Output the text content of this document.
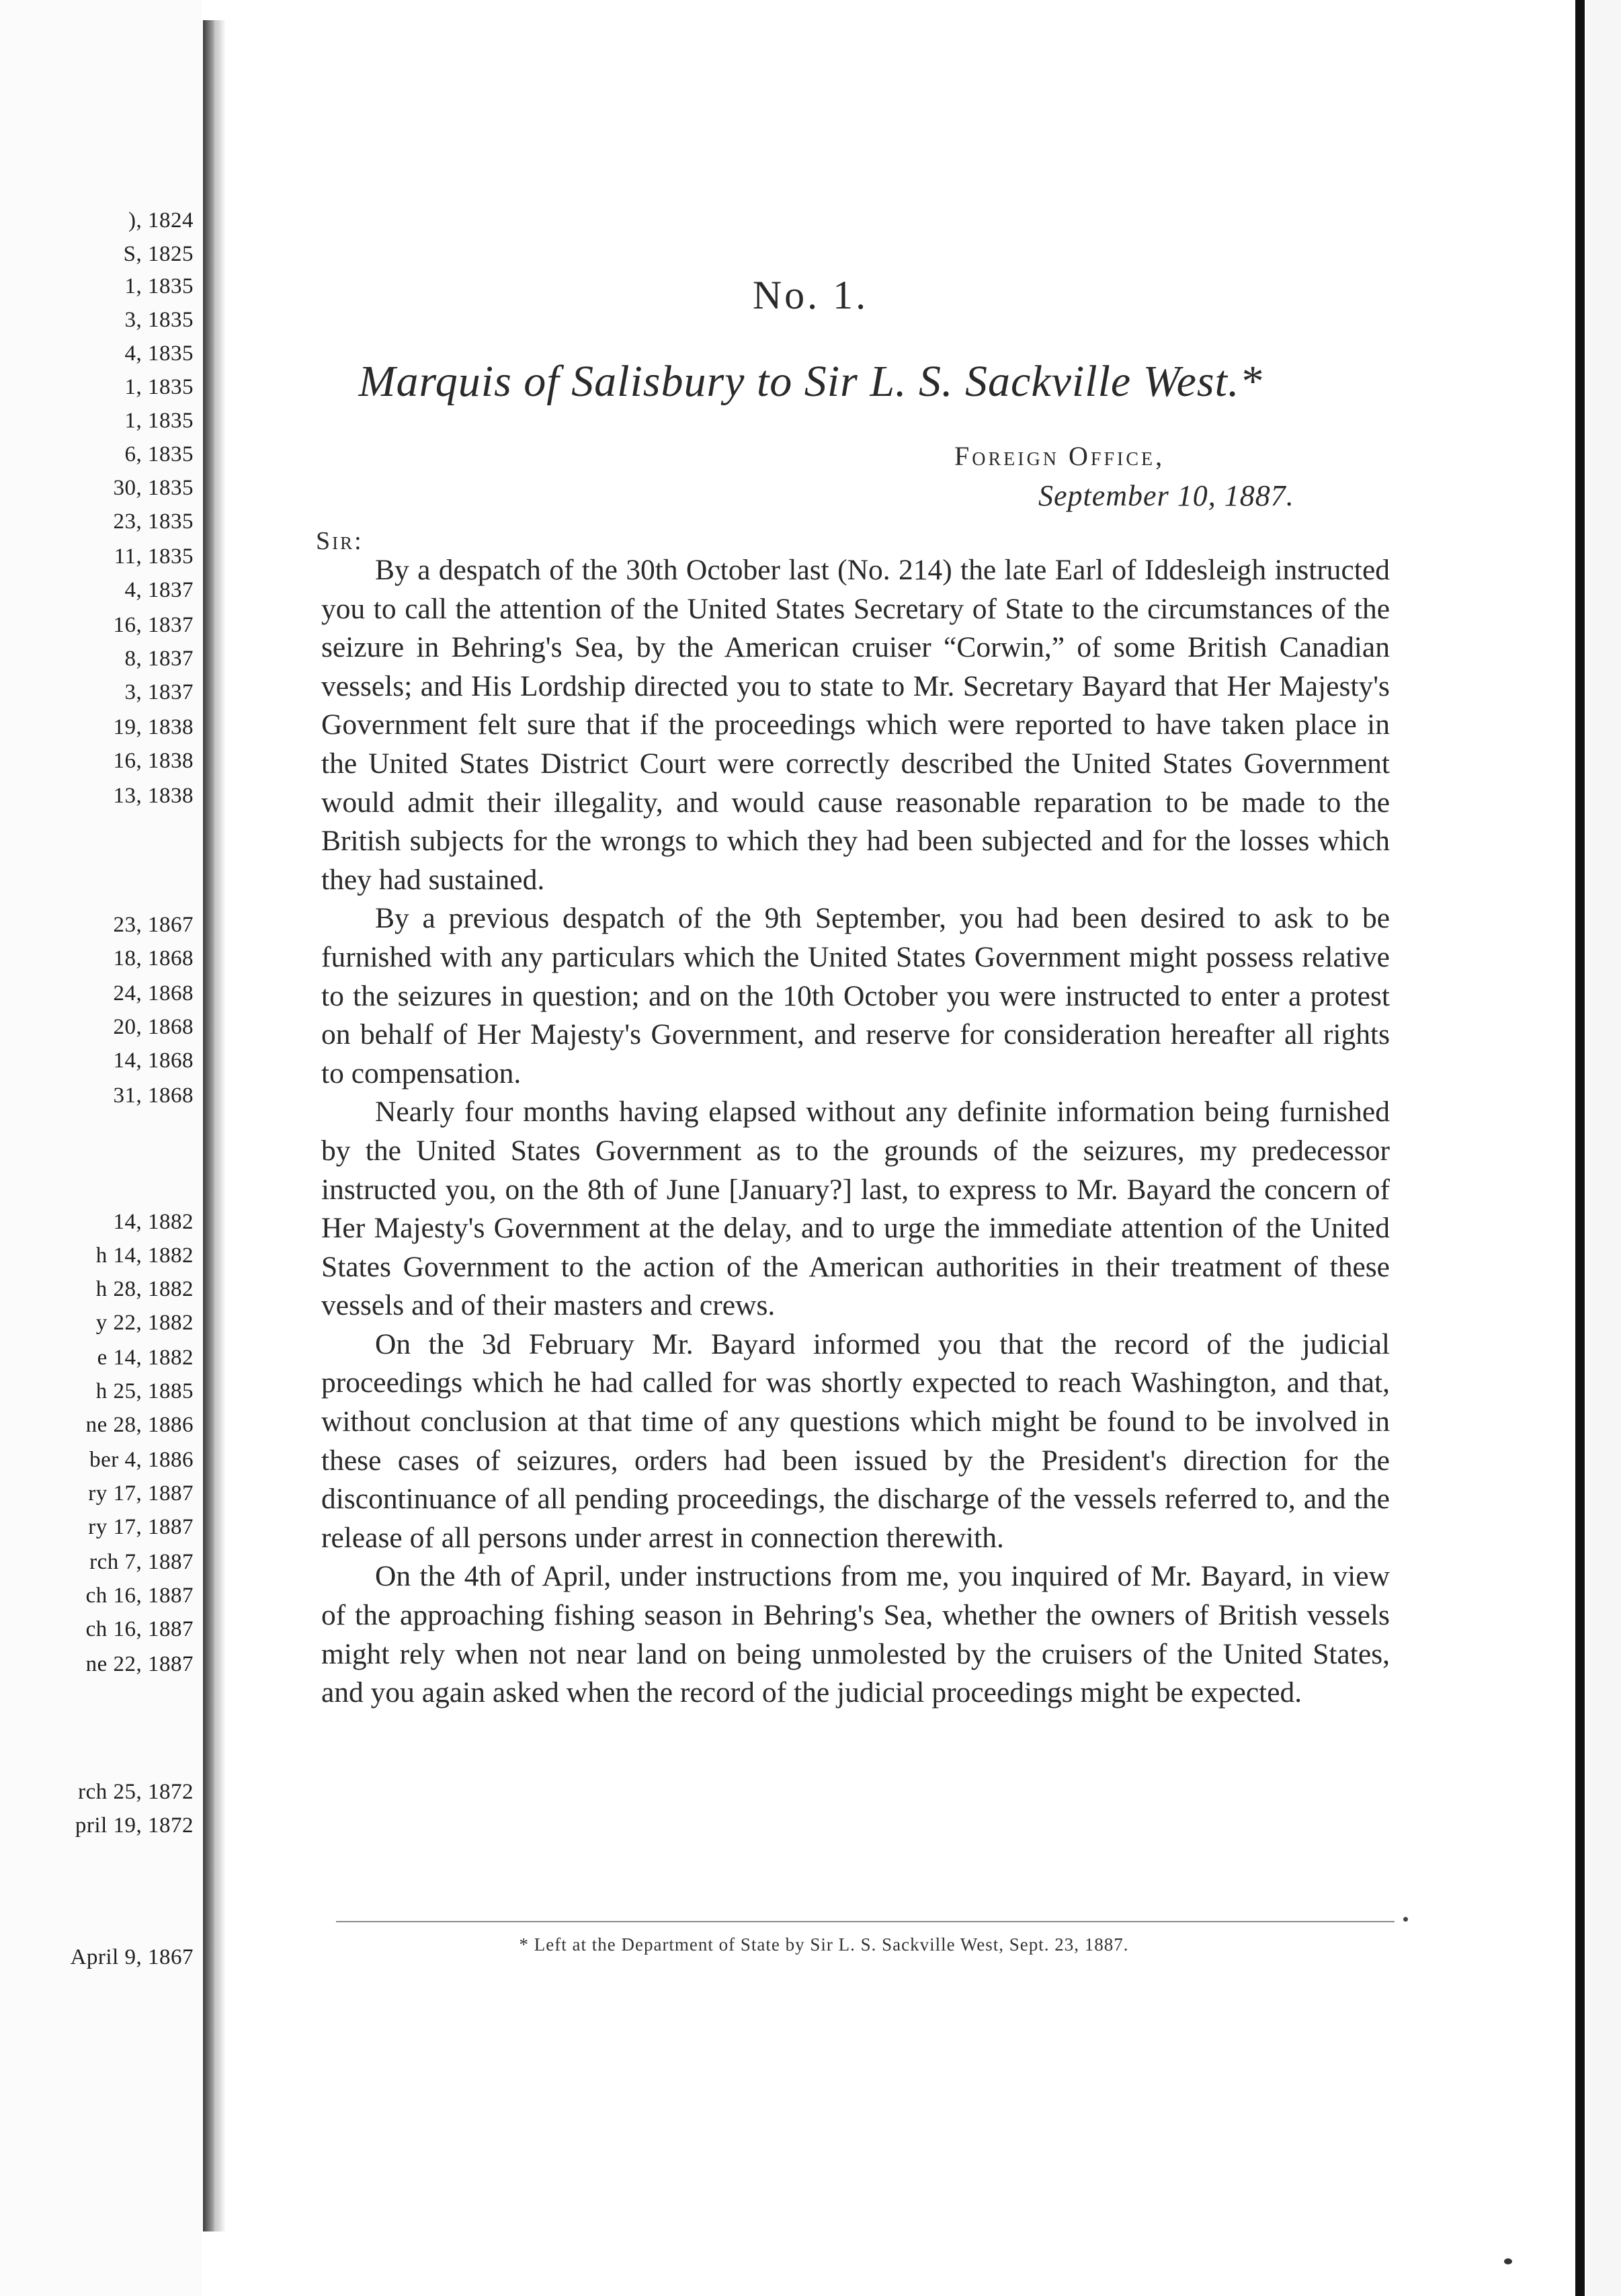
), 1824
S, 1825
1, 1835
3, 1835
4, 1835
1, 1835
1, 1835
6, 1835
30, 1835
23, 1835
11, 1835
4, 1837
16, 1837
8, 1837
3, 1837
19, 1838
16, 1838
13, 1838
23, 1867
18, 1868
24, 1868
20, 1868
14, 1868
31, 1868
14, 1882
h 14, 1882
h 28, 1882
y 22, 1882
e 14, 1882
h 25, 1885
ne 28, 1886
ber 4, 1886
ry 17, 1887
ry 17, 1887
rch 7, 1887
ch 16, 1887
ch 16, 1887
ne 22, 1887
rch 25, 1872
pril 19, 1872
April 9, 1867
No. 1.
Marquis of Salisbury to Sir L. S. Sackville West.*
Foreign Office,
September 10, 1887.
Sir:

By a despatch of the 30th October last (No. 214) the late Earl of Iddesleigh instructed you to call the attention of the United States Secretary of State to the circumstances of the seizure in Behring's Sea, by the American cruiser “Corwin,” of some British Canadian vessels; and His Lordship directed you to state to Mr. Secretary Bayard that Her Majesty's Government felt sure that if the proceedings which were reported to have taken place in the United States District Court were correctly described the United States Government would admit their illegality, and would cause reasonable reparation to be made to the British subjects for the wrongs to which they had been subjected and for the losses which they had sustained.

By a previous despatch of the 9th September, you had been desired to ask to be furnished with any particulars which the United States Government might possess relative to the seizures in question; and on the 10th October you were instructed to enter a protest on behalf of Her Majesty's Government, and reserve for consideration hereafter all rights to compensation.

Nearly four months having elapsed without any definite information being furnished by the United States Government as to the grounds of the seizures, my predecessor instructed you, on the 8th of June [January?] last, to express to Mr. Bayard the concern of Her Majesty's Government at the delay, and to urge the immediate attention of the United States Government to the action of the American authorities in their treatment of these vessels and of their masters and crews.

On the 3d February Mr. Bayard informed you that the record of the judicial proceedings which he had called for was shortly expected to reach Washington, and that, without conclusion at that time of any questions which might be found to be involved in these cases of seizures, orders had been issued by the President's direction for the discontinuance of all pending proceedings, the discharge of the vessels referred to, and the release of all persons under arrest in connection therewith.

On the 4th of April, under instructions from me, you inquired of Mr. Bayard, in view of the approaching fishing season in Behring's Sea, whether the owners of British vessels might rely when not near land on being unmolested by the cruisers of the United States, and you again asked when the record of the judicial proceedings might be expected.

* Left at the Department of State by Sir L. S. Sackville West, Sept. 23, 1887.
